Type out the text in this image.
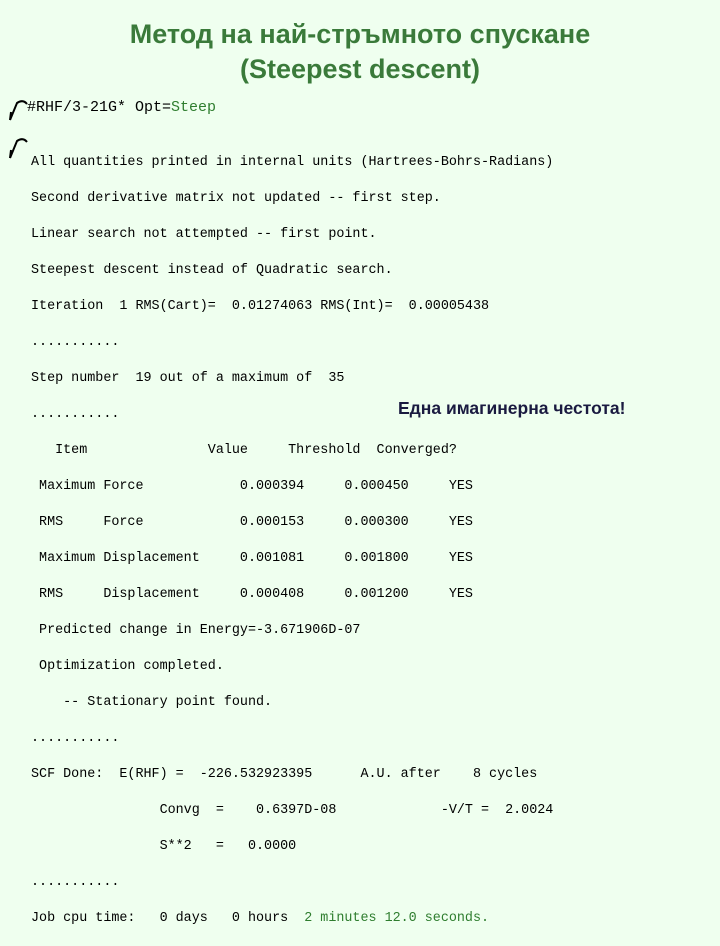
Метод на най-стръмното спускане
(Steepest descent)
#RHF/3-21G* Opt=Steep

All quantities printed in internal units (Hartrees-Bohrs-Radians)

Second derivative matrix not updated -- first step.

Linear search not attempted -- first point.

Steepest descent instead of Quadratic search.

Iteration  1 RMS(Cart)=  0.01274063 RMS(Int)=  0.00005438

...........

Step number  19 out of a maximum of  35

...........

Item               Value     Threshold  Converged?

Maximum Force            0.000394     0.000450     YES

RMS     Force            0.000153     0.000300     YES

Maximum Displacement     0.001081     0.001800     YES

RMS     Displacement     0.000408     0.001200     YES

Predicted change in Energy=-3.671906D-07

Optimization completed.

-- Stationary point found.

...........

SCF Done:  E(RHF) =  -226.532923395      A.U. after    8 cycles

Convg  =    0.6397D-08             -V/T =  2.0024

S**2   =   0.0000

...........

Job cpu time:   0 days   0 hours  2 minutes 12.0 seconds.

Една имагинерна честота!
